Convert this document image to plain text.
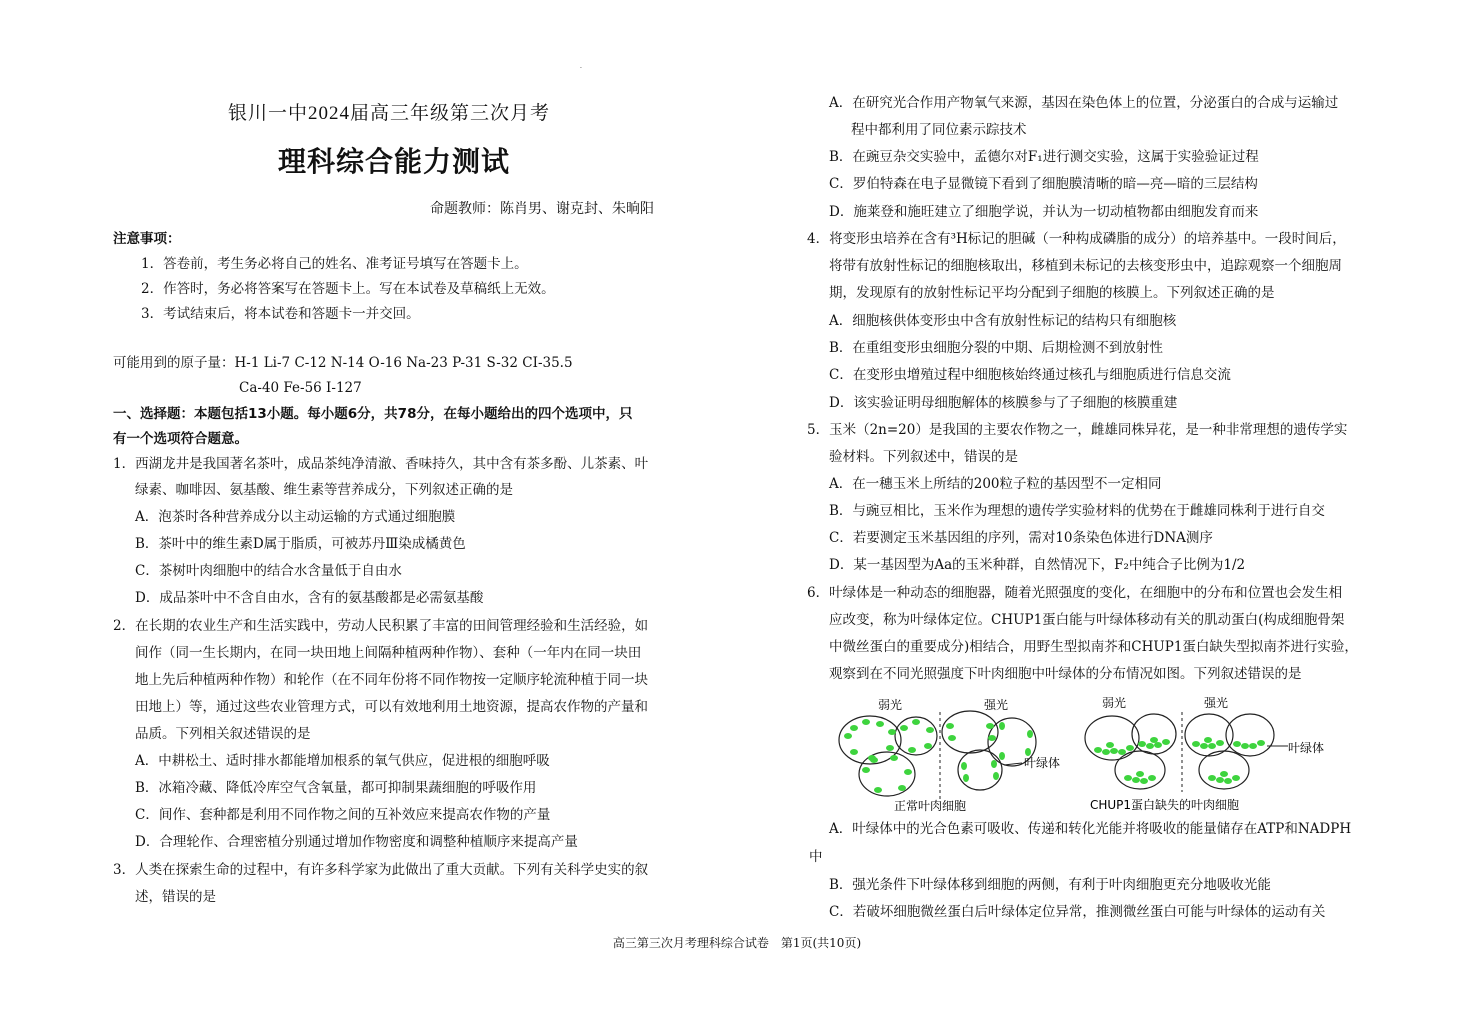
.
银川一中2024届高三年级第三次月考
理科综合能力测试
命题教师：陈肖男、谢克封、朱晌阳
注意事项：
1．答卷前，考生务必将自己的姓名、准考证号填写在答题卡上。
2．作答时，务必将答案写在答题卡上。写在本试卷及草稿纸上无效。
3．考试结束后，将本试卷和答题卡一并交回。
可能用到的原子量：H-1 Li-7 C-12 N-14 O-16 Na-23 P-31 S-32 CI-35.5
Ca-40 Fe-56 I-127
一、选择题：本题包括13小题。每小题6分，共78分，在每小题给出的四个选项中，只
有一个选项符合题意。
1．西湖龙井是我国著名茶叶，成品茶纯净清澈、香味持久，其中含有茶多酚、儿茶素、叶
绿素、咖啡因、氨基酸、维生素等营养成分，下列叙述正确的是
A．泡茶时各种营养成分以主动运输的方式通过细胞膜
B．茶叶中的维生素D属于脂质，可被苏丹Ⅲ染成橘黄色
C．茶树叶肉细胞中的结合水含量低于自由水
D．成品茶叶中不含自由水，含有的氨基酸都是必需氨基酸
2．在长期的农业生产和生活实践中，劳动人民积累了丰富的田间管理经验和生活经验，如
间作（同一生长期内，在同一块田地上间隔种植两种作物）、套种（一年内在同一块田
地上先后种植两种作物）和轮作（在不同年份将不同作物按一定顺序轮流种植于同一块
田地上）等，通过这些农业管理方式，可以有效地利用土地资源，提高农作物的产量和
品质。下列相关叙述错误的是
A．中耕松土、适时排水都能增加根系的氧气供应，促进根的细胞呼吸
B．冰箱冷藏、降低冷库空气含氧量，都可抑制果蔬细胞的呼吸作用
C．间作、套种都是利用不同作物之间的互补效应来提高农作物的产量
D．合理轮作、合理密植分别通过增加作物密度和调整种植顺序来提高产量
3．人类在探索生命的过程中，有许多科学家为此做出了重大贡献。下列有关科学史实的叙
述，错误的是
A．在研究光合作用产物氧气来源，基因在染色体上的位置，分泌蛋白的合成与运输过
程中都利用了同位素示踪技术
B．在豌豆杂交实验中，孟德尔对F₁进行测交实验，这属于实验验证过程
C．罗伯特森在电子显微镜下看到了细胞膜清晰的暗—亮—暗的三层结构
D．施莱登和施旺建立了细胞学说，并认为一切动植物都由细胞发育而来
4．将变形虫培养在含有³H标记的胆碱（一种构成磷脂的成分）的培养基中。一段时间后，
将带有放射性标记的细胞核取出，移植到未标记的去核变形虫中，追踪观察一个细胞周
期，发现原有的放射性标记平均分配到子细胞的核膜上。下列叙述正确的是
A．细胞核供体变形虫中含有放射性标记的结构只有细胞核
B．在重组变形虫细胞分裂的中期、后期检测不到放射性
C．在变形虫增殖过程中细胞核始终通过核孔与细胞质进行信息交流
D．该实验证明母细胞解体的核膜参与了子细胞的核膜重建
5．玉米（2n=20）是我国的主要农作物之一，雌雄同株异花，是一种非常理想的遗传学实
验材料。下列叙述中，错误的是
A．在一穗玉米上所结的200粒子粒的基因型不一定相同
B．与豌豆相比，玉米作为理想的遗传学实验材料的优势在于雌雄同株利于进行自交
C．若要测定玉米基因组的序列，需对10条染色体进行DNA测序
D．某一基因型为Aa的玉米种群，自然情况下，F₂中纯合子比例为1/2
6．叶绿体是一种动态的细胞器，随着光照强度的变化，在细胞中的分布和位置也会发生相
应改变，称为叶绿体定位。CHUP1蛋白能与叶绿体移动有关的肌动蛋白(构成细胞骨架
中微丝蛋白的重要成分)相结合，用野生型拟南芥和CHUP1蛋白缺失型拟南芥进行实验，
观察到在不同光照强度下叶肉细胞中叶绿体的分布情况如图。下列叙述错误的是
弱光	强光
叶绿体
正常叶肉细胞
弱光	强光
叶绿体
CHUP1蛋白缺失的叶肉细胞
A．叶绿体中的光合色素可吸收、传递和转化光能并将吸收的能量储存在ATP和NADPH
中
B．强光条件下叶绿体移到细胞的两侧，有利于叶肉细胞更充分地吸收光能
C．若破坏细胞微丝蛋白后叶绿体定位异常，推测微丝蛋白可能与叶绿体的运动有关
高三第三次月考理科综合试卷　第1页(共10页)
